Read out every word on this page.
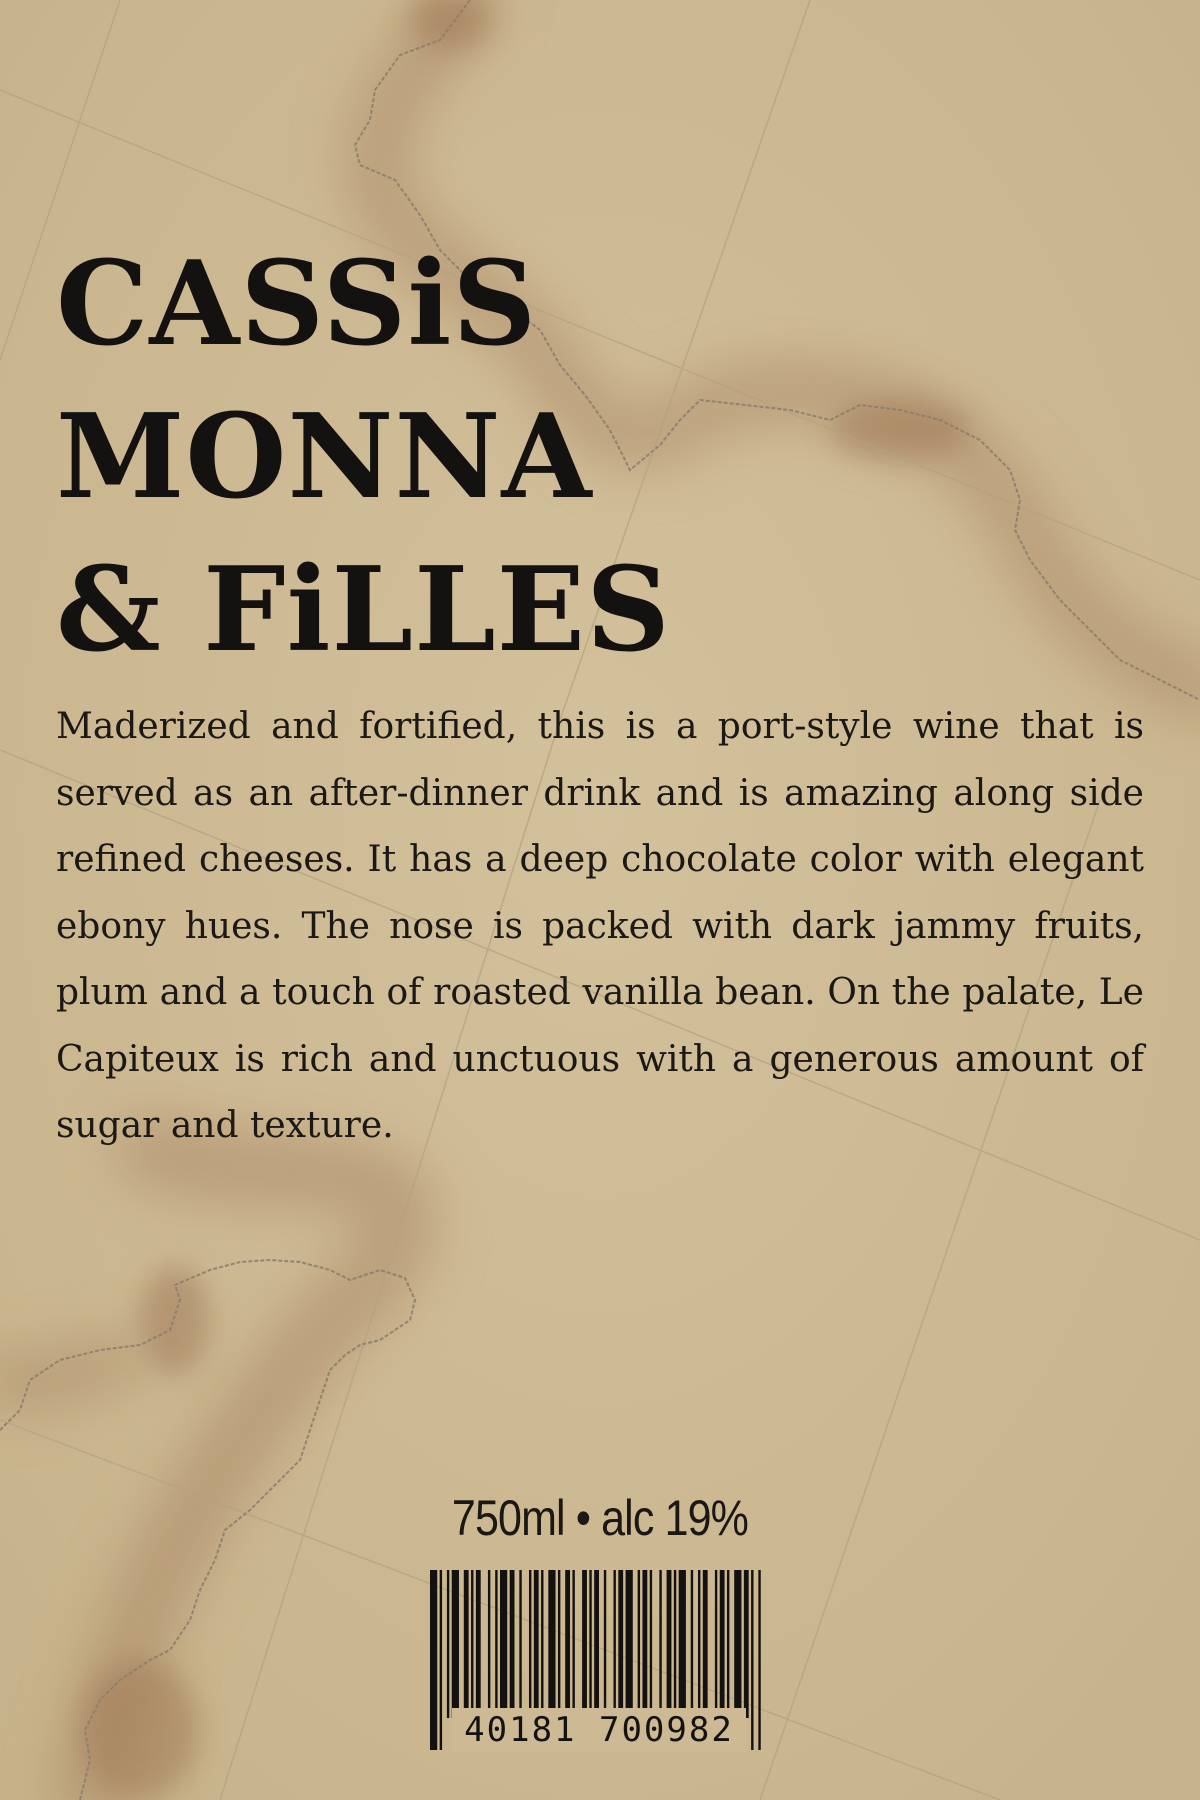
CASSiS
MONNA
& FiLLES

Maderized and fortified, this is a port-style wine that is served as an after-dinner drink and is amazing along side refined cheeses. It has a deep chocolate color with elegant ebony hues. The nose is packed with dark jammy fruits, plum and a touch of roasted vanilla bean. On the palate, Le Capiteux is rich and unctuous with a generous amount of sugar and texture.

750ml • alc 19%
40181 700982
